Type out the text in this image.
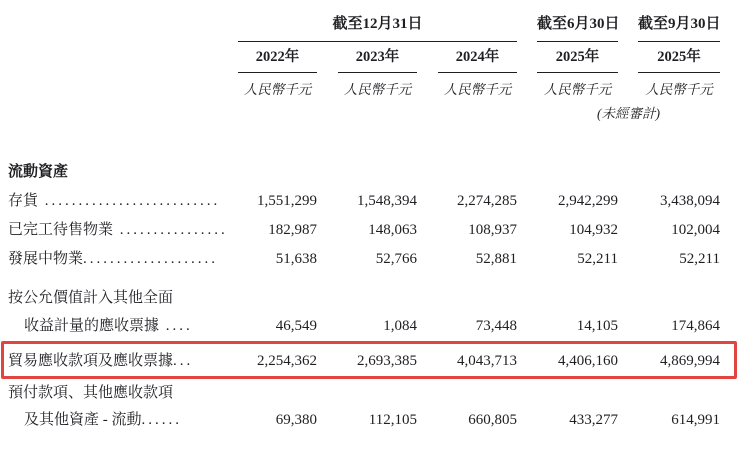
截至12月31日	截至6月30日 截至9月30日
2022年	2023年	2024年	2025年	2025年
人民幣千元	人民幣千元	人民幣千元	人民幣千元	人民幣千元
(未經審計)
流動資產
存貨 ..........................	1,551,299	1,548,394	2,274,285	2,942,299	3,438,094
已完工待售物業 ................	182,987	148,063	108,937	104,932	102,004
發展中物業....................	51,638	52,766	52,881	52,211	52,211
按公允價值計入其他全面
收益計量的應收票據 ....	46,549	1,084	73,448	14,105	174,864
貿易應收款項及應收票據...	2,254,362	2,693,385	4,043,713	4,406,160	4,869,994
預付款項、其他應收款項
及其他資產 - 流動......	69,380	112,105	660,805	433,277	614,991
